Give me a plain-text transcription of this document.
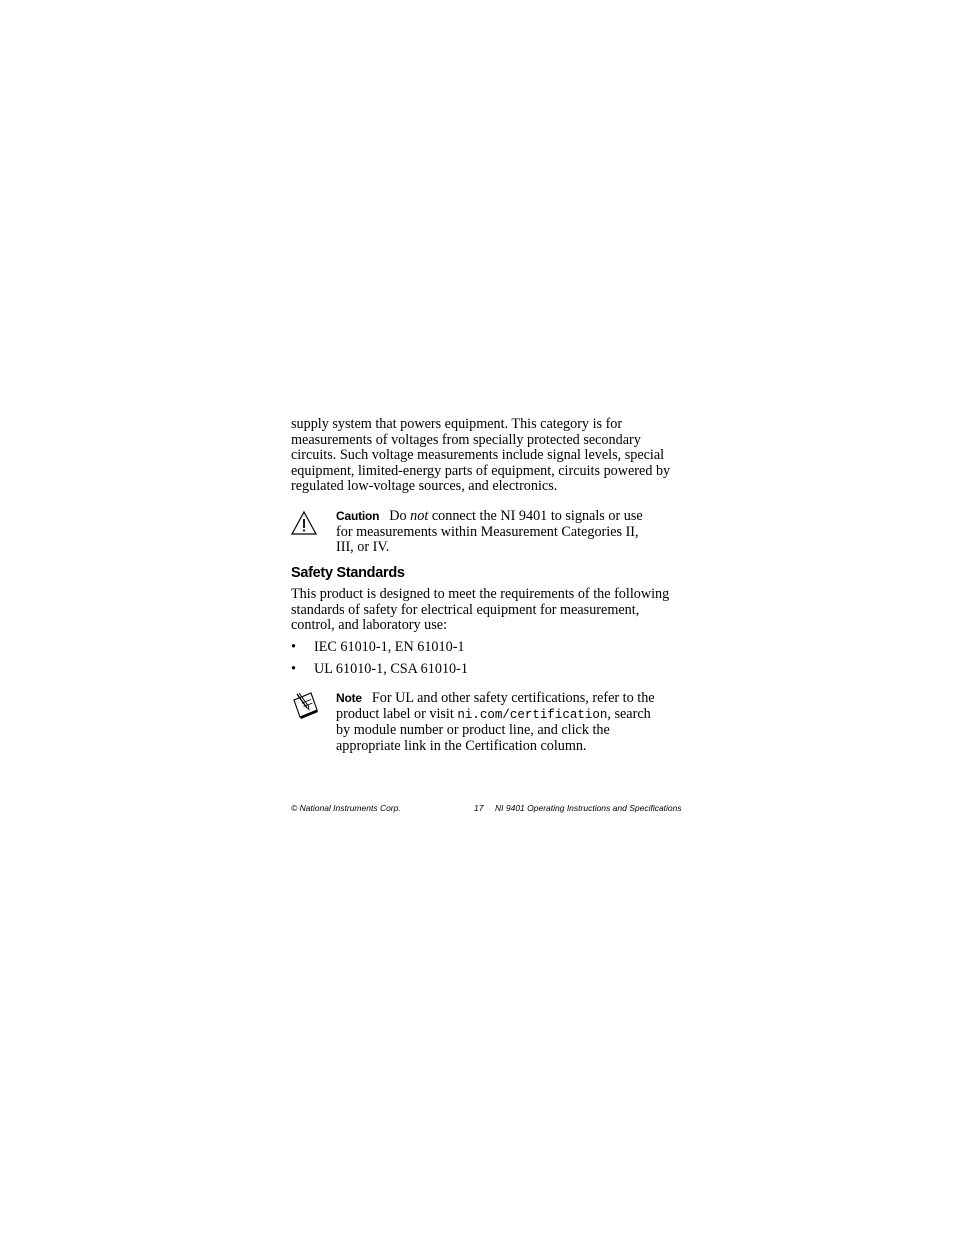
supply system that powers equipment. This category is for
measurements of voltages from specially protected secondary
circuits. Such voltage measurements include signal levels, special
equipment, limited-energy parts of equipment, circuits powered by
regulated low-voltage sources, and electronics.
Caution Do not connect the NI 9401 to signals or use
for measurements within Measurement Categories II,
III, or IV.
Safety Standards
This product is designed to meet the requirements of the following
standards of safety for electrical equipment for measurement,
control, and laboratory use:
• IEC 61010-1, EN 61010-1
• UL 61010-1, CSA 61010-1
Note For UL and other safety certifications, refer to the
product label or visit ni.com/certification, search
by module number or product line, and click the
appropriate link in the Certification column.
© National Instruments Corp.	17 NI 9401 Operating Instructions and Specifications
